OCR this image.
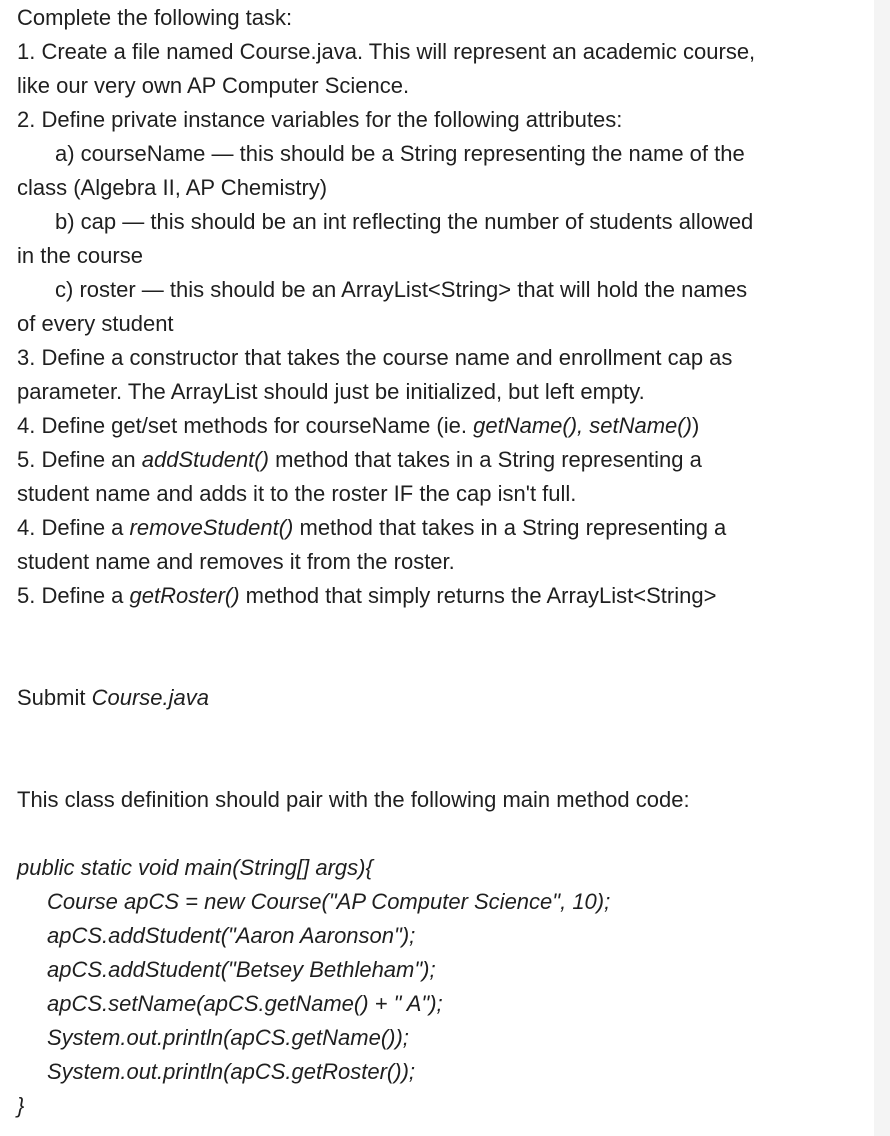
Complete the following task:

1. Create a file named Course.java. This will represent an academic course,

like our very own AP Computer Science.

2. Define private instance variables for the following attributes:

a) courseName — this should be a String representing the name of the

class (Algebra II, AP Chemistry)

b) cap — this should be an int reflecting the number of students allowed

in the course

c) roster — this should be an ArrayList<String> that will hold the names

of every student

3. Define a constructor that takes the course name and enrollment cap as

parameter. The ArrayList should just be initialized, but left empty.

4. Define get/set methods for courseName (ie. getName(), setName())

5. Define an addStudent() method that takes in a String representing a

student name and adds it to the roster IF the cap isn't full.

4. Define a removeStudent() method that takes in a String representing a

student name and removes it from the roster.

5. Define a getRoster() method that simply returns the ArrayList<String>

Submit Course.java

This class definition should pair with the following main method code:

public static void main(String[] args){

Course apCS = new Course("AP Computer Science", 10);

apCS.addStudent("Aaron Aaronson");

apCS.addStudent("Betsey Bethleham");

apCS.setName(apCS.getName() + " A");

System.out.println(apCS.getName());

System.out.println(apCS.getRoster());

}
